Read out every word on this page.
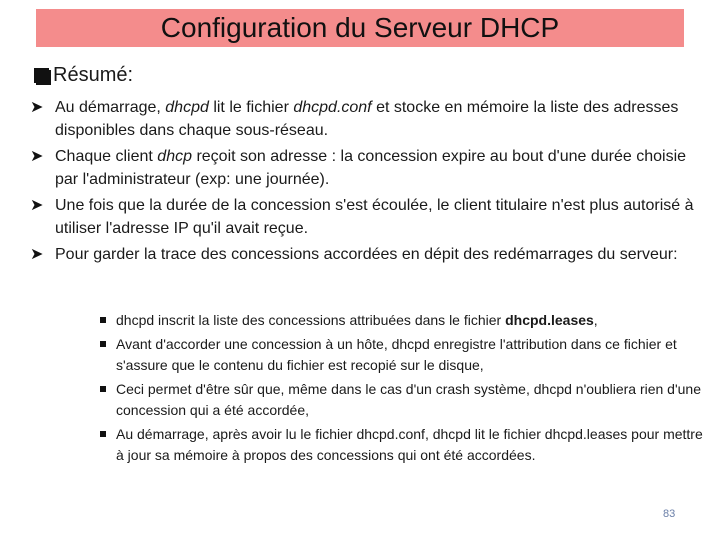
Configuration du Serveur DHCP
Résumé:
➤ Au démarrage, dhcpd lit le fichier dhcpd.conf et stocke en mémoire la liste des adresses disponibles dans chaque sous-réseau.
➤ Chaque client dhcp reçoit son adresse : la concession expire au bout d'une durée choisie par l'administrateur (exp: une journée).
➤ Une fois que la durée de la concession s'est écoulée, le client titulaire n'est plus autorisé à utiliser l'adresse IP qu'il avait reçue.
➤ Pour garder la trace des concessions accordées en dépit des redémarrages du serveur:
dhcpd inscrit la liste des concessions attribuées dans le fichier dhcpd.leases,
Avant d'accorder une concession à un hôte, dhcpd enregistre l'attribution dans ce fichier et s'assure que le contenu du fichier est recopié sur le disque,
Ceci permet d'être sûr que, même dans le cas d'un crash système, dhcpd n'oubliera rien d'une concession qui a été accordée,
Au démarrage, après avoir lu le fichier dhcpd.conf, dhcpd lit le fichier dhcpd.leases pour mettre à jour sa mémoire à propos des concessions qui ont été accordées.
83
